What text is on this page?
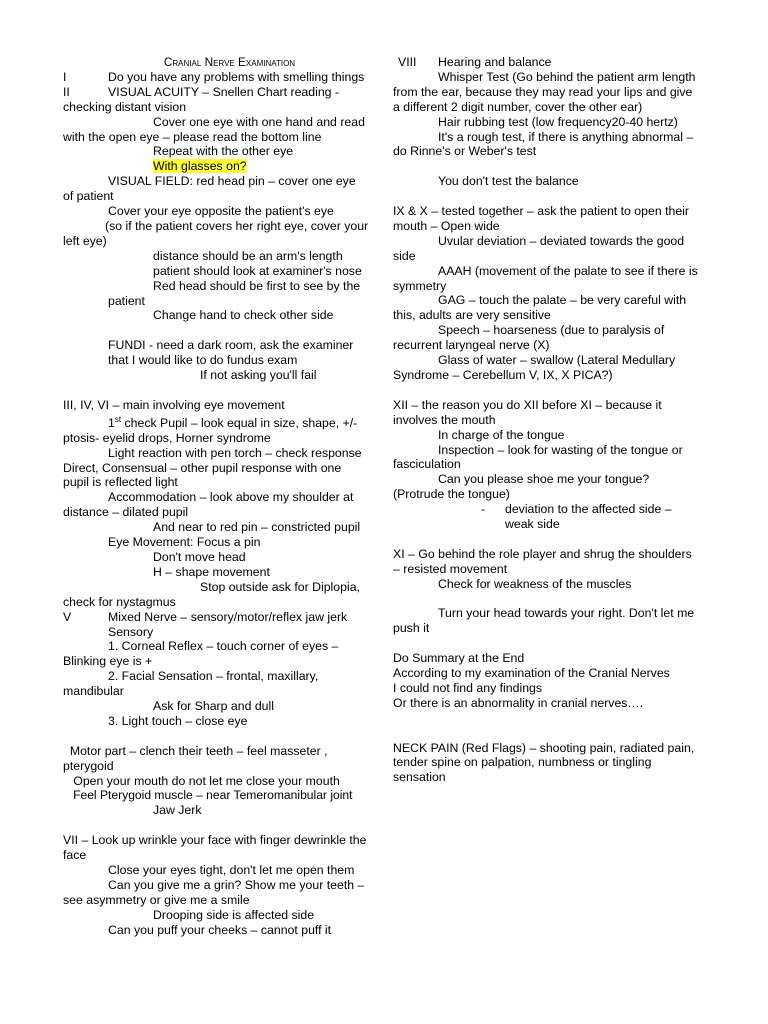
Cranial Nerve Examination
I	Do you have any problems with smelling things
II	VISUAL ACUITY – Snellen Chart reading -
checking distant vision
Cover one eye with one hand and read
with the open eye – please read the bottom line
Repeat with the other eye
With glasses on?
VISUAL FIELD: red head pin – cover one eye
of patient
Cover your eye opposite the patient's eye
(so if the patient covers her right eye, cover your
left eye)
distance should be an arm's length
patient should look at examiner's nose
Red head should be first to see by the
patient
Change hand to check other side
FUNDI - need a dark room, ask the examiner
that I would like to do fundus exam
If not asking you'll fail
III, IV, VI – main involving eye movement
1st check Pupil – look equal in size, shape, +/-
ptosis- eyelid drops, Horner syndrome
Light reaction with pen torch – check response
Direct, Consensual – other pupil response with one
pupil is reflected light
Accommodation – look above my shoulder at
distance – dilated pupil
And near to red pin – constricted pupil
Eye Movement: Focus a pin
Don't move head
H – shape movement
Stop outside ask for Diplopia,
check for nystagmus
V	Mixed Nerve – sensory/motor/reflex jaw jerk
Sensory
1. Corneal Reflex – touch corner of eyes –
Blinking eye is +
2. Facial Sensation – frontal, maxillary,
mandibular
Ask for Sharp and dull
3. Light touch – close eye
Motor part – clench their teeth – feel masseter ,
pterygoid
Open your mouth do not let me close your mouth
Feel Pterygoid muscle – near Temeromanibular joint
Jaw Jerk
VII – Look up wrinkle your face with finger dewrinkle the
face
Close your eyes tight, don't let me open them
Can you give me a grin? Show me your teeth –
see asymmetry or give me a smile
Drooping side is affected side
Can you puff your cheeks – cannot puff it
VIII Hearing and balance
Whisper Test (Go behind the patient arm length
from the ear, because they may read your lips and give
a different 2 digit number, cover the other ear)
Hair rubbing test (low frequency20-40 hertz)
It's a rough test, if there is anything abnormal –
do Rinne's or Weber's test
You don't test the balance
IX & X – tested together – ask the patient to open their
mouth – Open wide
Uvular deviation – deviated towards the good
side
AAAH (movement of the palate to see if there is
symmetry
GAG – touch the palate – be very careful with
this, adults are very sensitive
Speech – hoarseness (due to paralysis of
recurrent laryngeal nerve (X)
Glass of water – swallow (Lateral Medullary
Syndrome – Cerebellum V, IX, X PICA?)
XII – the reason you do XII before XI – because it
involves the mouth
In charge of the tongue
Inspection – look for wasting of the tongue or
fasciculation
Can you please shoe me your tongue?
(Protrude the tongue)
- deviation to the affected side –
weak side
XI – Go behind the role player and shrug the shoulders
– resisted movement
Check for weakness of the muscles
Turn your head towards your right. Don't let me
push it
Do Summary at the End
According to my examination of the Cranial Nerves
I could not find any findings
Or there is an abnormality in cranial nerves….
NECK PAIN (Red Flags) – shooting pain, radiated pain,
tender spine on palpation, numbness or tingling
sensation
